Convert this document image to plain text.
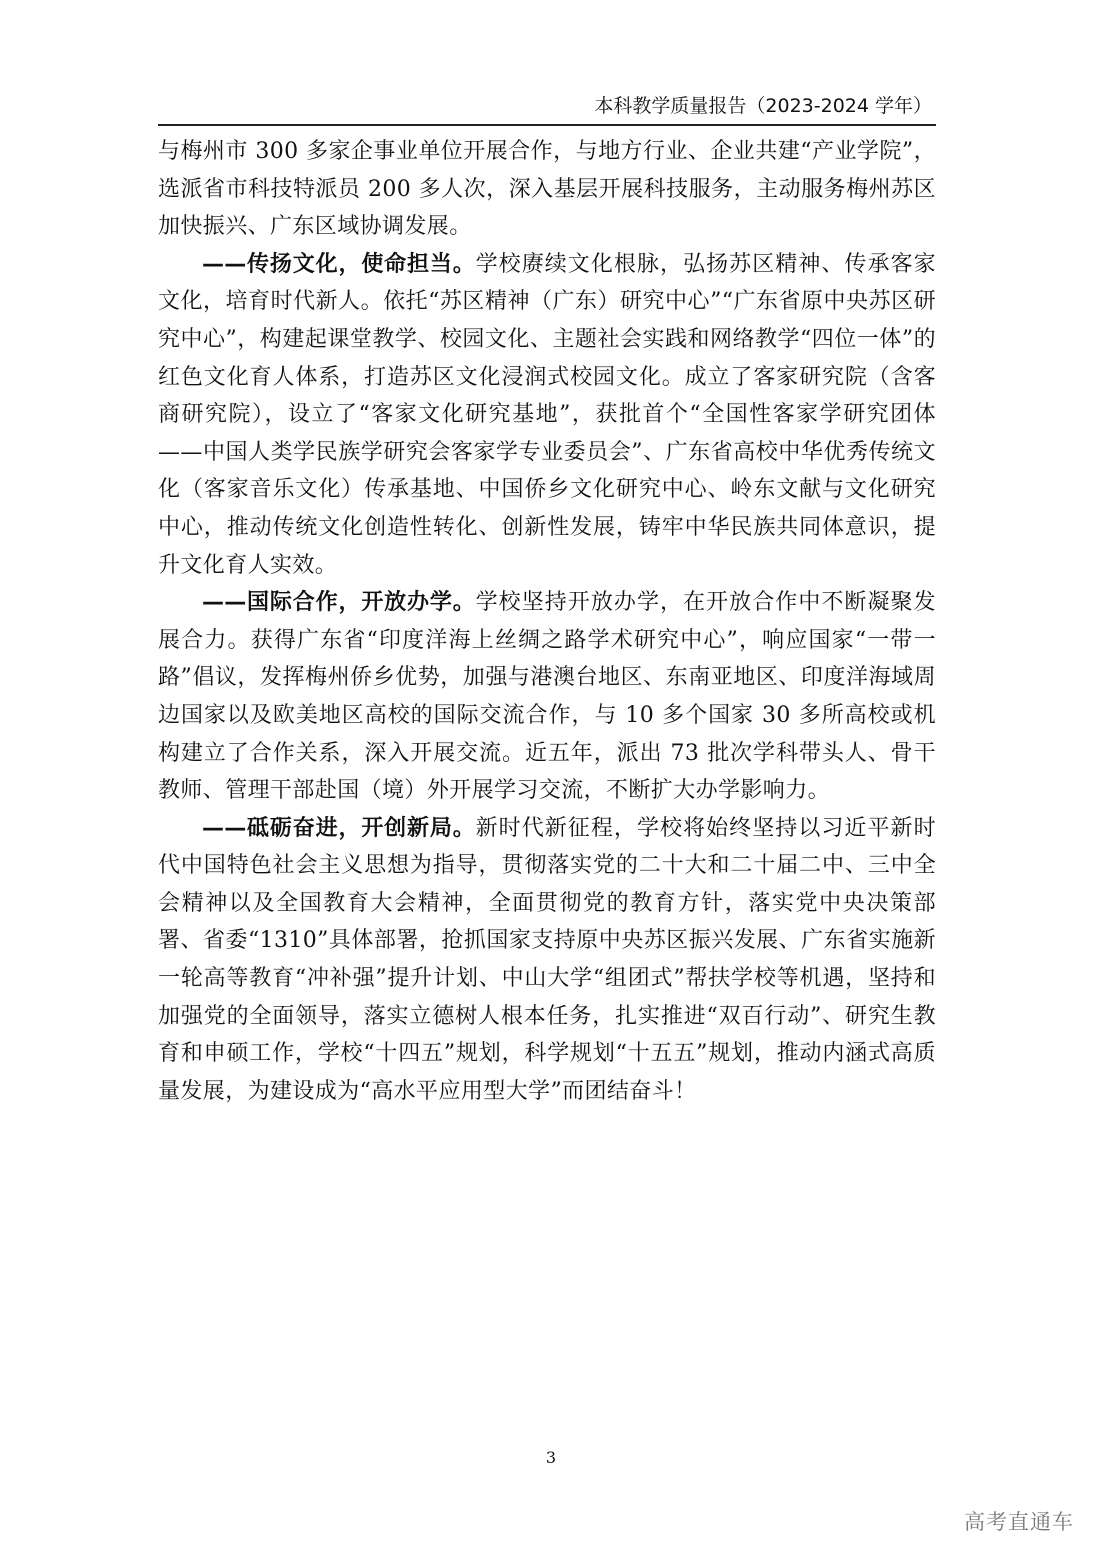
本科教学质量报告（2023-2024 学年）

与梅州市 300 多家企事业单位开展合作，与地方行业、企业共建“产业学院”，选派省市科技特派员 200 多人次，深入基层开展科技服务，主动服务梅州苏区加快振兴、广东区域协调发展。

——传扬文化，使命担当。学校赓续文化根脉，弘扬苏区精神、传承客家文化，培育时代新人。依托“苏区精神（广东）研究中心”“广东省原中央苏区研究中心”，构建起课堂教学、校园文化、主题社会实践和网络教学“四位一体”的红色文化育人体系，打造苏区文化浸润式校园文化。成立了客家研究院（含客商研究院），设立了“客家文化研究基地”，获批首个“全国性客家学研究团体——中国人类学民族学研究会客家学专业委员会”、广东省高校中华优秀传统文化（客家音乐文化）传承基地、中国侨乡文化研究中心、岭东文献与文化研究中心，推动传统文化创造性转化、创新性发展，铸牢中华民族共同体意识，提升文化育人实效。

——国际合作，开放办学。学校坚持开放办学，在开放合作中不断凝聚发展合力。获得广东省“印度洋海上丝绸之路学术研究中心”，响应国家“一带一路”倡议，发挥梅州侨乡优势，加强与港澳台地区、东南亚地区、印度洋海域周边国家以及欧美地区高校的国际交流合作，与 10 多个国家 30 多所高校或机构建立了合作关系，深入开展交流。近五年，派出 73 批次学科带头人、骨干教师、管理干部赴国（境）外开展学习交流，不断扩大办学影响力。

——砥砺奋进，开创新局。新时代新征程，学校将始终坚持以习近平新时代中国特色社会主义思想为指导，贯彻落实党的二十大和二十届二中、三中全会精神以及全国教育大会精神，全面贯彻党的教育方针，落实党中央决策部署、省委“1310”具体部署，抢抓国家支持原中央苏区振兴发展、广东省实施新一轮高等教育“冲补强”提升计划、中山大学“组团式”帮扶学校等机遇，坚持和加强党的全面领导，落实立德树人根本任务，扎实推进“双百行动”、研究生教育和申硕工作，学校“十四五”规划，科学规划“十五五”规划，推动内涵式高质量发展，为建设成为“高水平应用型大学”而团结奋斗！

3
高考直通车
